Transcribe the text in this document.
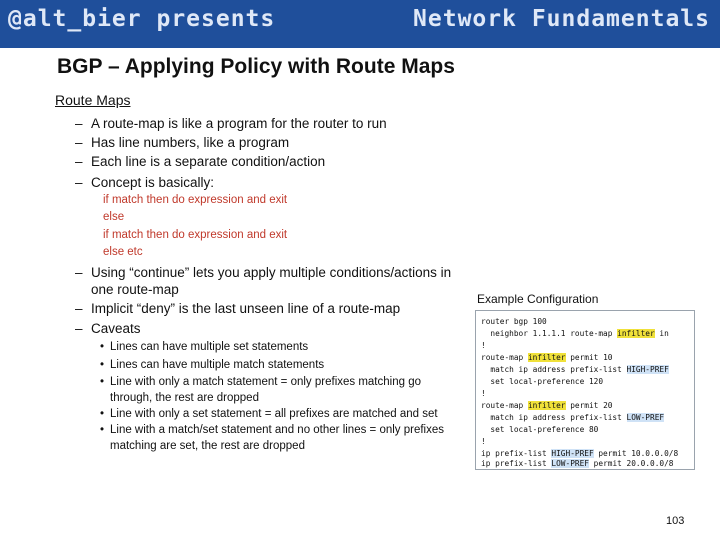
@alt_bier presents	Network Fundamentals
BGP – Applying Policy with Route Maps
Route Maps
– A route-map is like a program for the router to run
– Has line numbers, like a program
– Each line is a separate condition/action
– Concept is basically:
if match then do expression and exit
else
if match then do expression and exit
else etc
– Using “continue” lets you apply multiple conditions/actions in one route-map
– Implicit “deny” is the last unseen line of a route-map
– Caveats
• Lines can have multiple set statements
• Lines can have multiple match statements
• Line with only a match statement = only prefixes matching go through, the rest are dropped
• Line with only a set statement = all prefixes are matched and set
• Line with a match/set statement and no other lines = only prefixes matching are set, the rest are dropped
Example Configuration
router bgp 100
neighbor 1.1.1.1 route-map infilter in
!
route-map infilter permit 10
match ip address prefix-list HIGH-PREF
set local-preference 120
!
route-map infilter permit 20
match ip address prefix-list LOW-PREF
set local-preference 80
!
ip prefix-list HIGH-PREF permit 10.0.0.0/8
ip prefix-list LOW-PREF permit 20.0.0.0/8
103
